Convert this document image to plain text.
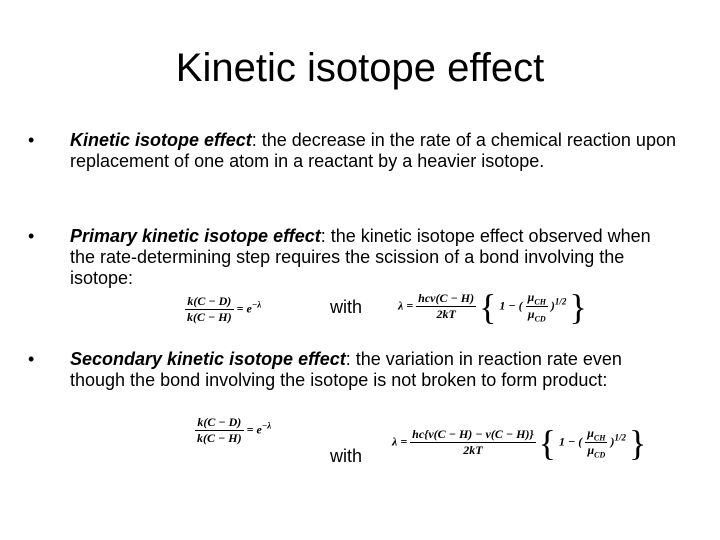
Kinetic isotope effect
• Kinetic isotope effect: the decrease in the rate of a chemical reaction upon replacement of one atom in a reactant by a heavier isotope.
• Primary kinetic isotope effect: the kinetic isotope effect observed when the rate-determining step requires the scission of a bond involving the isotope:
$\frac{k(C - D)}{k(C - H)} = e^{-\lambda}$	with	$\lambda = \frac{\text{hcv(C − H)}}{2kT}$ { 1 − ( $\frac{\mu_{CH}}{\mu_{CD}} )^{1/2}$ }
• Secondary kinetic isotope effect: the variation in reaction rate even though the bond involving the isotope is not broken to form product:
$\frac{k(C - D)}{k(C - H)} = e^{-\lambda}$
with
$\lambda = \frac{hc\{v(C - H) - v(C - H)\}}{2kT}$ { 1 − ( $\frac{\mu_{CH}}{\mu_{CD}} )^{1/2}$ }
